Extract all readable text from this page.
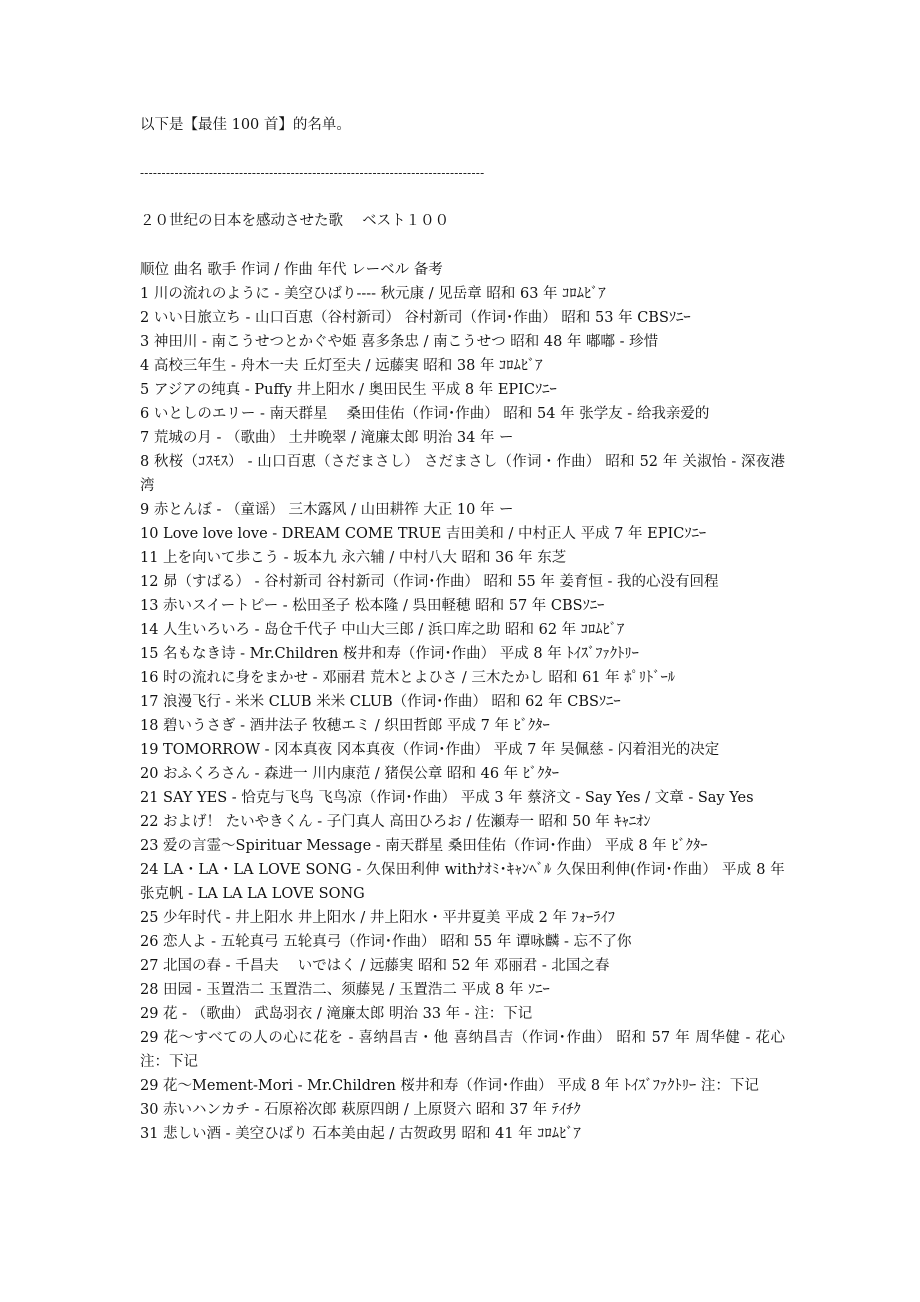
以下是【最佳 100 首】的名单。
--------------------------------------------------------------------------------
２０世纪の日本を感动させた歌　 ベスト１００

顺位 曲名 歌手 作词 / 作曲 年代 レーベル 备考

1 川の流れのように - 美空ひばり---- 秋元康 / 见岳章 昭和 63 年 ｺﾛﾑﾋﾞｱ

2 いい日旅立ち - 山口百恵（谷村新司） 谷村新司（作词･作曲） 昭和 53 年 CBSｿﾆｰ

3 神田川 - 南こうせつとかぐや姫 喜多条忠 / 南こうせつ 昭和 48 年 嘟嘟 - 珍惜

4 高校三年生 - 舟木一夫 丘灯至夫 / 远藤実 昭和 38 年 ｺﾛﾑﾋﾞｱ

5 アジアの纯真 - Puffy 井上阳水 / 奥田民生 平成 8 年 EPICｿﾆｰ

6 いとしのエリー - 南天群星　 桑田佳佑（作词･作曲） 昭和 54 年 张学友 - 给我亲爱的

7 荒城の月 - （歌曲） 土井晩翠 / 滝廉太郎 明治 34 年 ー

8 秋桜（ｺｽﾓｽ） - 山口百恵（さだまさし） さだまさし（作词・作曲） 昭和 52 年 关淑怡 - 深夜港湾

9 赤とんぼ - （童谣） 三木露风 / 山田耕筰 大正 10 年 ー

10 Love love love - DREAM COME TRUE 吉田美和 / 中村正人 平成 7 年 EPICｿﾆｰ

11 上を向いて歩こう - 坂本九 永六辅 / 中村八大 昭和 36 年 东芝

12 昴（すばる） - 谷村新司 谷村新司（作词･作曲） 昭和 55 年 姜育恒 - 我的心没有回程

13 赤いスイートピー - 松田圣子 松本隆 / 呉田軽穂 昭和 57 年 CBSｿﾆｰ

14 人生いろいろ - 岛仓千代子 中山大三郎 / 浜口库之助 昭和 62 年 ｺﾛﾑﾋﾞｱ

15 名もなき诗 - Mr.Children 桜井和寿（作词･作曲） 平成 8 年 ﾄｲｽﾞﾌｧｸﾄﾘｰ

16 时の流れに身をまかせ - 邓丽君 荒木とよひさ / 三木たかし 昭和 61 年 ﾎﾟﾘﾄﾞｰﾙ

17 浪漫飞行 - 米米 CLUB 米米 CLUB（作词･作曲） 昭和 62 年 CBSｿﾆｰ

18 碧いうさぎ - 酒井法子 牧穂エミ / 织田哲郎 平成 7 年 ﾋﾞｸﾀｰ

19 TOMORROW - 冈本真夜 冈本真夜（作词･作曲） 平成 7 年 吴佩慈 - 闪着泪光的决定

20 おふくろさん - 森进一 川内康范 / 猪俣公章 昭和 46 年 ﾋﾞｸﾀｰ

21 SAY YES - 恰克与飞鸟 飞鸟凉（作词･作曲） 平成 3 年 蔡济文 - Say Yes / 文章 - Say Yes

22 およげ！ たいやきくん - 子门真人 高田ひろお / 佐瀬寿一 昭和 50 年 ｷｬﾆｵﾝ

23 爱の言霊～Spirituar Message - 南天群星 桑田佳佑（作词･作曲） 平成 8 年 ﾋﾞｸﾀｰ

24 LA・LA・LA LOVE SONG - 久保田利伸 withﾅｵﾐ･ｷｬﾝﾍﾞﾙ 久保田利伸(作词･作曲） 平成 8 年 张克帆 - LA LA LA LOVE SONG

25 少年时代 - 井上阳水 井上阳水 / 井上阳水・平井夏美 平成 2 年 ﾌｫｰﾗｲﾌ

26 恋人よ - 五轮真弓 五轮真弓（作词･作曲） 昭和 55 年 谭咏麟 - 忘不了你

27 北国の春 - 千昌夫　 いではく / 远藤実 昭和 52 年 邓丽君 - 北国之春

28 田园 - 玉置浩二 玉置浩二、须藤晃 / 玉置浩二 平成 8 年 ｿﾆｰ

29 花 - （歌曲） 武岛羽衣 / 滝廉太郎 明治 33 年 - 注：下记

29 花～すべての人の心に花を - 喜纳昌吉・他 喜纳昌吉（作词･作曲） 昭和 57 年 周华健 - 花心 注：下记

29 花～Mement-Mori - Mr.Children 桜井和寿（作词･作曲） 平成 8 年 ﾄｲｽﾞﾌｧｸﾄﾘｰ 注：下记

30 赤いハンカチ - 石原裕次郎 萩原四朗 / 上原贤六 昭和 37 年 ﾃｲﾁｸ

31 悲しい酒 - 美空ひばり 石本美由起 / 古贺政男 昭和 41 年 ｺﾛﾑﾋﾞｱ
